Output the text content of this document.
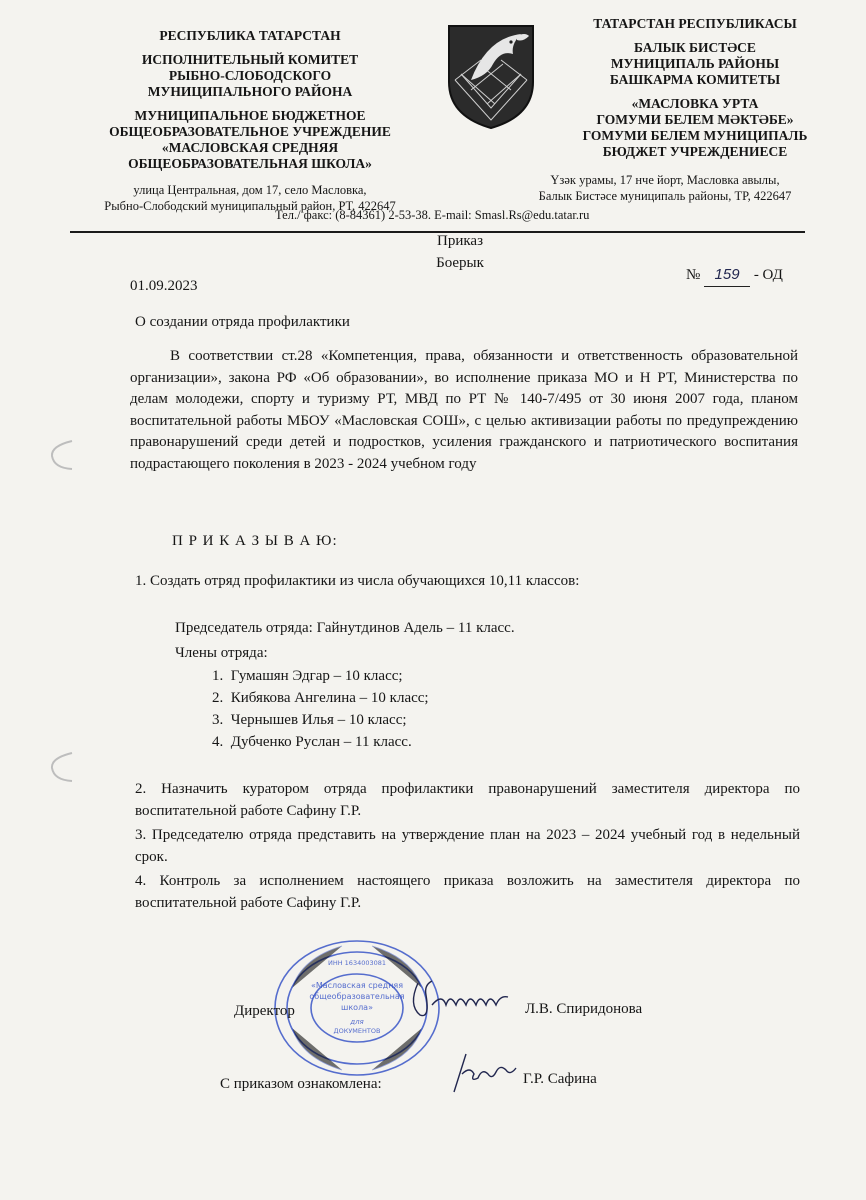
РЕСПУБЛИКА ТАТАРСТАН

ИСПОЛНИТЕЛЬНЫЙ КОМИТЕТ
РЫБНО-СЛОБОДСКОГО
МУНИЦИПАЛЬНОГО РАЙОНА

МУНИЦИПАЛЬНОЕ БЮДЖЕТНОЕ
ОБЩЕОБРАЗОВАТЕЛЬНОЕ УЧРЕЖДЕНИЕ
«МАСЛОВСКАЯ СРЕДНЯЯ
ОБЩЕОБРАЗОВАТЕЛЬНАЯ ШКОЛА»

улица Центральная, дом 17, село Масловка,
Рыбно-Слободский муниципальный район, РТ, 422647

ТАТАРСТАН РЕСПУБЛИКАСЫ

БАЛЫК БИСТӘСЕ
МУНИЦИПАЛЬ РАЙОНЫ
БАШКАРМА КОМИТЕТЫ

«МАСЛОВКА УРТА
ГОМУМИ БЕЛЕМ МӘКТӘБЕ»
ГОМУМИ БЕЛЕМ МУНИЦИПАЛЬ
БЮДЖЕТ УЧРЕЖДЕНИЕСЕ

Үзәк урамы, 17 нче йорт, Масловка авылы,
Балык Бистәсе муниципаль районы, ТР, 422647
Тел./ факс: (8-84361) 2-53-38. E-mail: Smasl.Rs@edu.tatar.ru
Приказ
Боерык
01.09.2023
№ 159 - ОД
О создании отряда профилактики
В соответствии ст.28 «Компетенция, права, обязанности и ответственность образовательной организации», закона РФ «Об образовании», во исполнение приказа МО и Н РТ, Министерства по делам молодежи, спорту и туризму РТ, МВД по РТ № 140-7/495 от 30 июня 2007 года, планом воспитательной работы МБОУ «Масловская СОШ», с целью активизации работы по предупреждению правонарушений среди детей и подростков, усиления гражданского и патриотического воспитания подрастающего поколения в 2023 - 2024 учебном году
П Р И К А З Ы В А Ю:
1. Создать отряд профилактики из числа обучающихся 10,11 классов:
Председатель отряда: Гайнутдинов Адель – 11 класс.
Члены отряда:
1.  Гумашян Эдгар – 10 класс;
2.  Кибякова Ангелина – 10 класс;
3.  Чернышев Илья – 10 класс;
4.  Дубченко Руслан – 11 класс.
2. Назначить куратором отряда профилактики правонарушений заместителя директора по воспитательной работе Сафину Г.Р.
3. Председателю отряда представить на утверждение план на 2023 – 2024 учебный год в недельный срок.
4. Контроль за исполнением настоящего приказа возложить на заместителя директора по воспитательной работе Сафину Г.Р.
ИНН 1634003081
«Масловская средняя
общеобразовательная
школа»
для
ДОКУМЕНТОВ
Директор	Л.В. Спиридонова
С приказом ознакомлена:	Г.Р. Сафина
